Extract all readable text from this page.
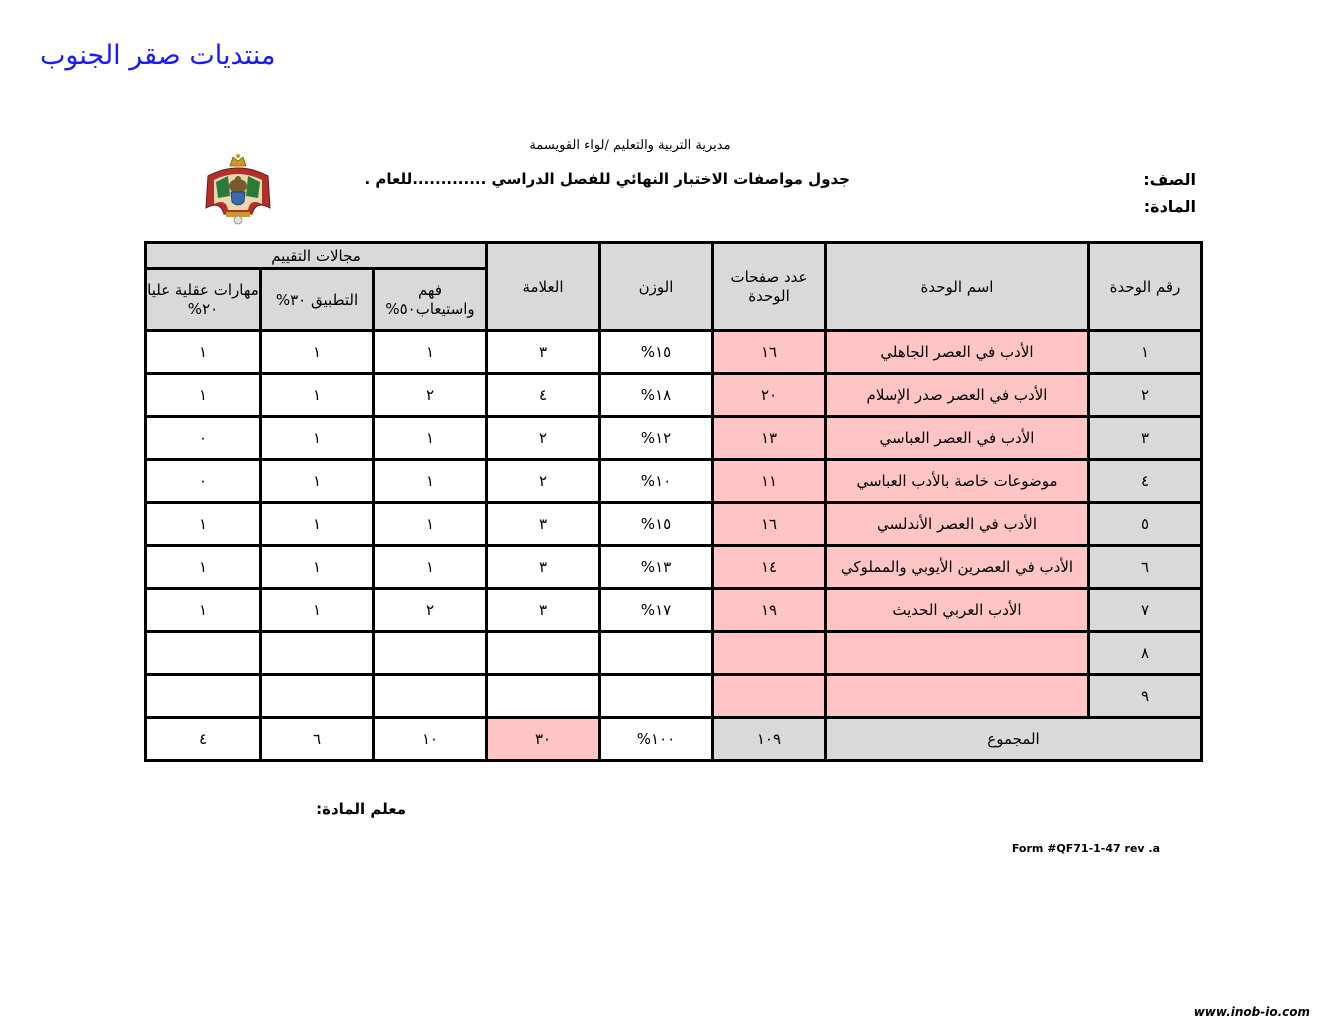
منتديات صقر الجنوب
مديرية التربية والتعليم /لواء القويسمة
جدول مواصفات الاختبار النهائي للفصل الدراسي .............للعام .	الصف:
المادة:
رقم الوحدة	اسم الوحدة	عدد صفحات الوحدة	الوزن	العلامة	مجالات التقييم		
					فهم واستيعاب٥٠%	التطبيق ٣٠%	مهارات عقلية عليا ٢٠%
١	الأدب في العصر الجاهلي	١٦	١٥%	٣	١	١	١
٢	الأدب في العصر صدر الإسلام	٢٠	١٨%	٤	٢	١	١
٣	الأدب في العصر العباسي	١٣	١٢%	٢	١	١	٠
٤	موضوعات خاصة بالأدب العباسي	١١	١٠%	٢	١	١	٠
٥	الأدب في العصر الأندلسي	١٦	١٥%	٣	١	١	١
٦	الأدب في العصرين الأيوبي والمملوكي	١٤	١٣%	٣	١	١	١
٧	الأدب العربي الحديث	١٩	١٧%	٣	٢	١	١
٨							
٩							
المجموع		١٠٩	١٠٠%	٣٠	١٠	٦	٤
معلم المادة:
Form #QF71-1-47 rev .a
www.inob-io.com
